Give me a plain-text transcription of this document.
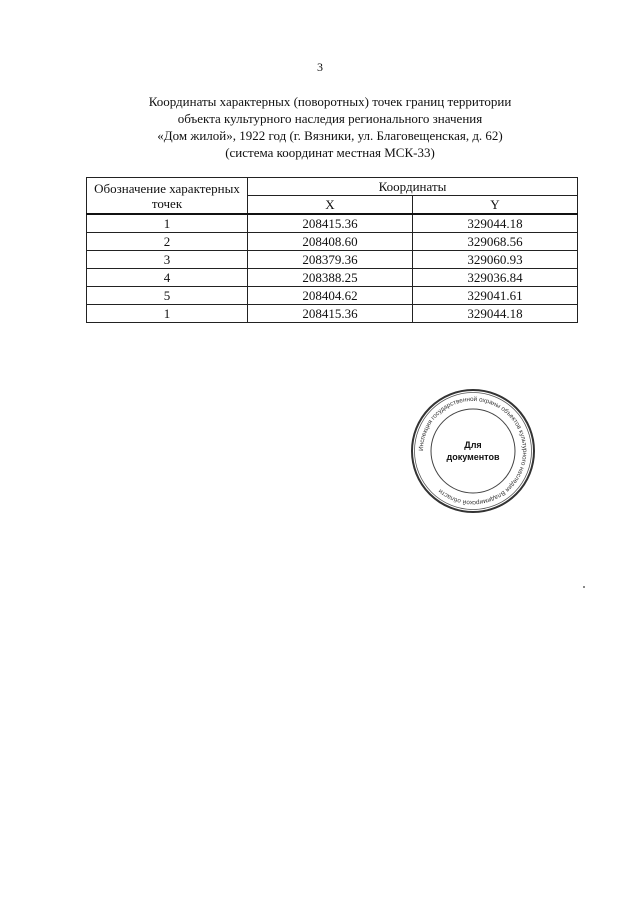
3
Координаты характерных (поворотных) точек границ территории
объекта культурного наследия регионального значения
«Дом жилой», 1922 год (г. Вязники, ул. Благовещенская, д. 62)
(система координат местная МСК-33)
Обозначение характерных точек	Координаты	
	X	Y
1	208415.36	329044.18
2	208408.60	329068.56
3	208379.36	329060.93
4	208388.25	329036.84
5	208404.62	329041.61
1	208415.36	329044.18
Инспекция государственной охраны объектов культурного наследия Владимирской области
Для
документов
